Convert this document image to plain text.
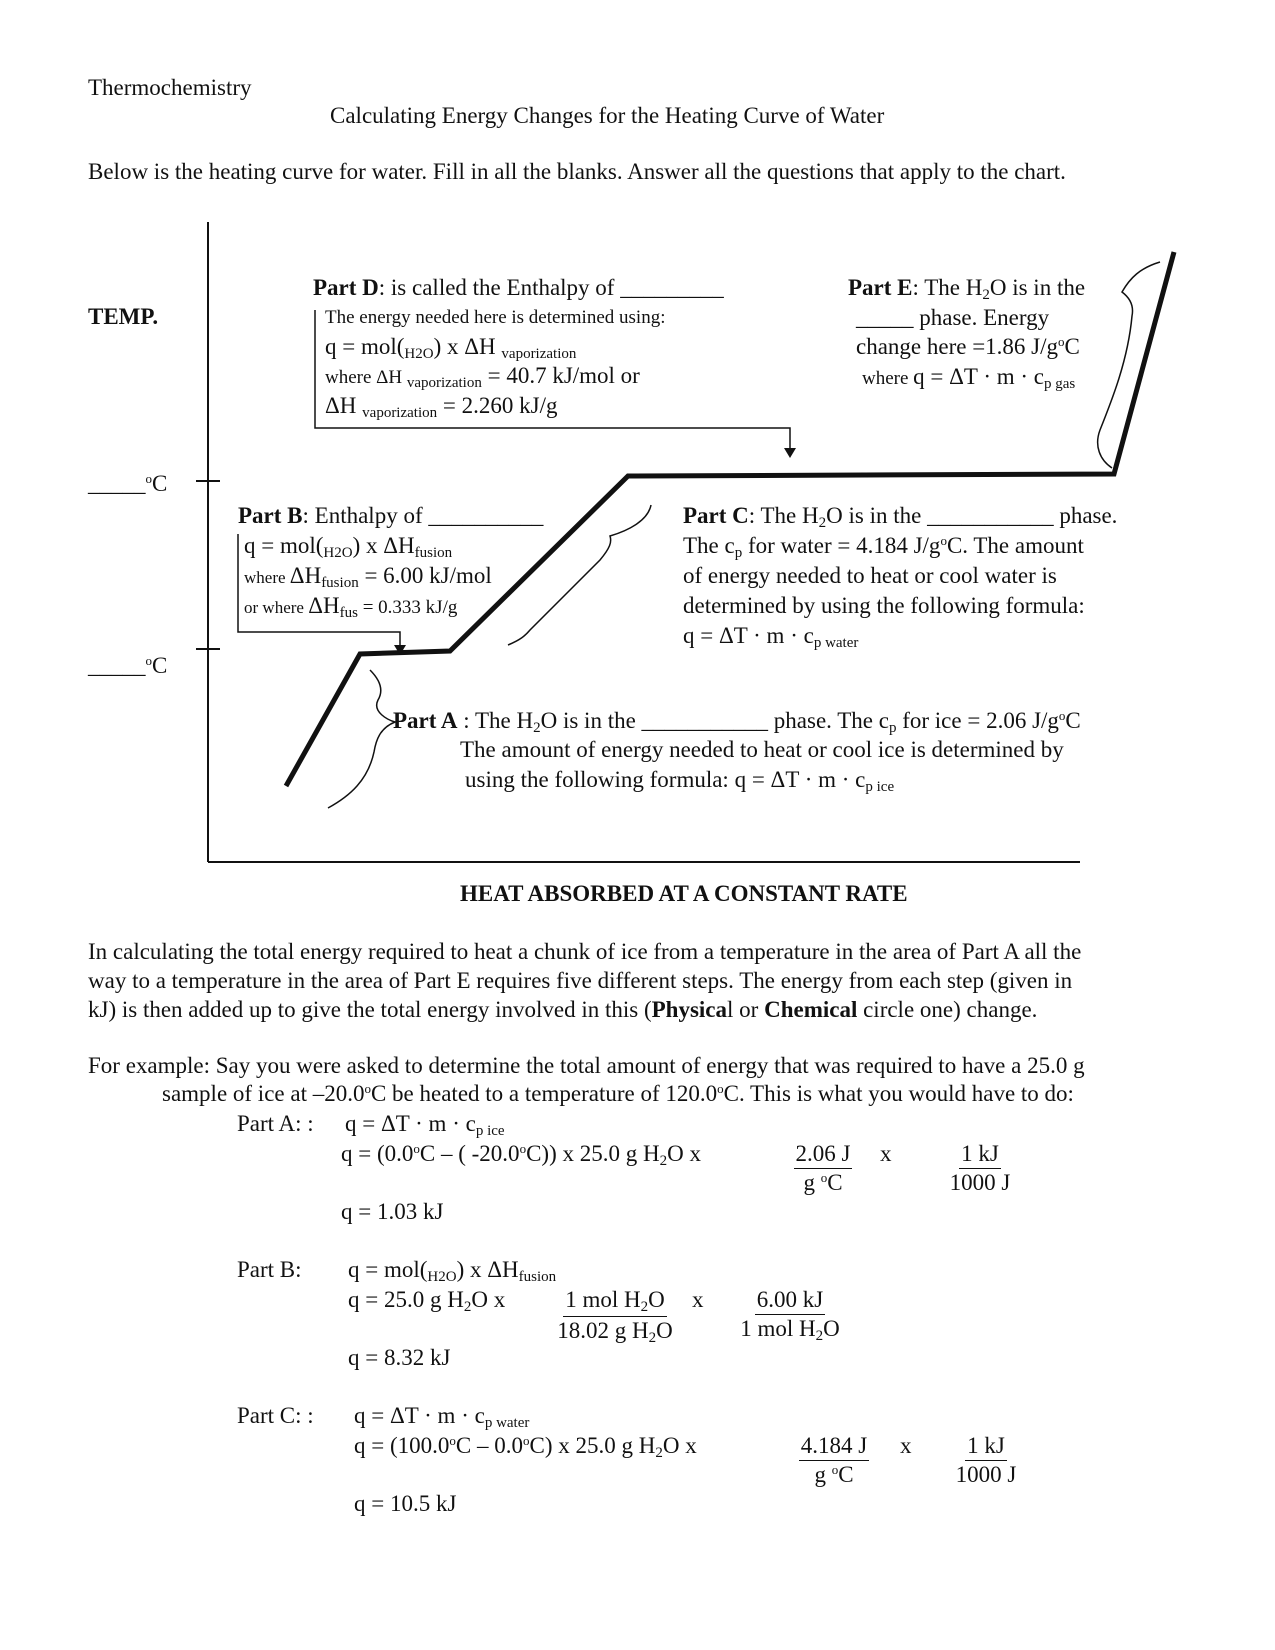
Thermochemistry
Calculating Energy Changes for the Heating Curve of Water
Below is the heating curve for water. Fill in all the blanks. Answer all the questions that apply to the chart.
TEMP.
_____$^o$C
_____$^o$C
Part D: is called the Enthalpy of _________
The energy needed here is determined using:
q = mol(H2O) x ΔH vaporization
where ΔH vaporization = 40.7 kJ/mol or
ΔH vaporization = 2.260 kJ/g
Part E: The H2O is in the
_____ phase. Energy
change here =1.86 $J/g^oC$
where q = ΔT · m · cp gas
Part B: Enthalpy of __________
q = mol(H2O) x ΔHfusion
where ΔHfusion = 6.00 kJ/mol
or where ΔHfus = 0.333 kJ/g
Part C: The H2O is in the ___________ phase.
The cp for water = 4.184 $J/g^oC$. The amount
of energy needed to heat or cool water is
determined by using the following formula:
q = ΔT · m · cp water
Part A : The H2O is in the ___________ phase. The cp for ice = 2.06 $J/g^oC$
The amount of energy needed to heat or cool ice is determined by
using the following formula: q = ΔT · m · cp ice
HEAT ABSORBED AT A CONSTANT RATE
In calculating the total energy required to heat a chunk of ice from a temperature in the area of Part A all the
way to a temperature in the area of Part E requires five different steps. The energy from each step (given in
kJ) is then added up to give the total energy involved in this (Physical or Chemical circle one) change.
For example: Say you were asked to determine the total amount of energy that was required to have a 25.0 g
sample of ice at –20.0$^o$C be heated to a temperature of 120.0$^o$C. This is what you would have to do:
Part A: : q = ΔT · m · cp ice
$q = (0.0^oC$ – ( -20.0$^o$C)) x 25.0 g H2O x	$\frac{2.06 J}{g ^oC}$ x $\frac{1 kJ}{1000 J}$
q = 1.03 kJ
Part B: q = mol(H2O) x ΔHfusion
q = 25.0 g H2O x	1 mol H2O
18.02 g H2O
x	6.00 kJ
1 mol H2O
q = 8.32 kJ
Part C: : q = ΔT · m · cp water
$q = (100.0^oC - 0.0^oC)$ x 25.0 g H2O x	$\frac{4.184 J}{g ^oC}$ x $\frac{1 kJ}{1000 J}$
q = 10.5 kJ
